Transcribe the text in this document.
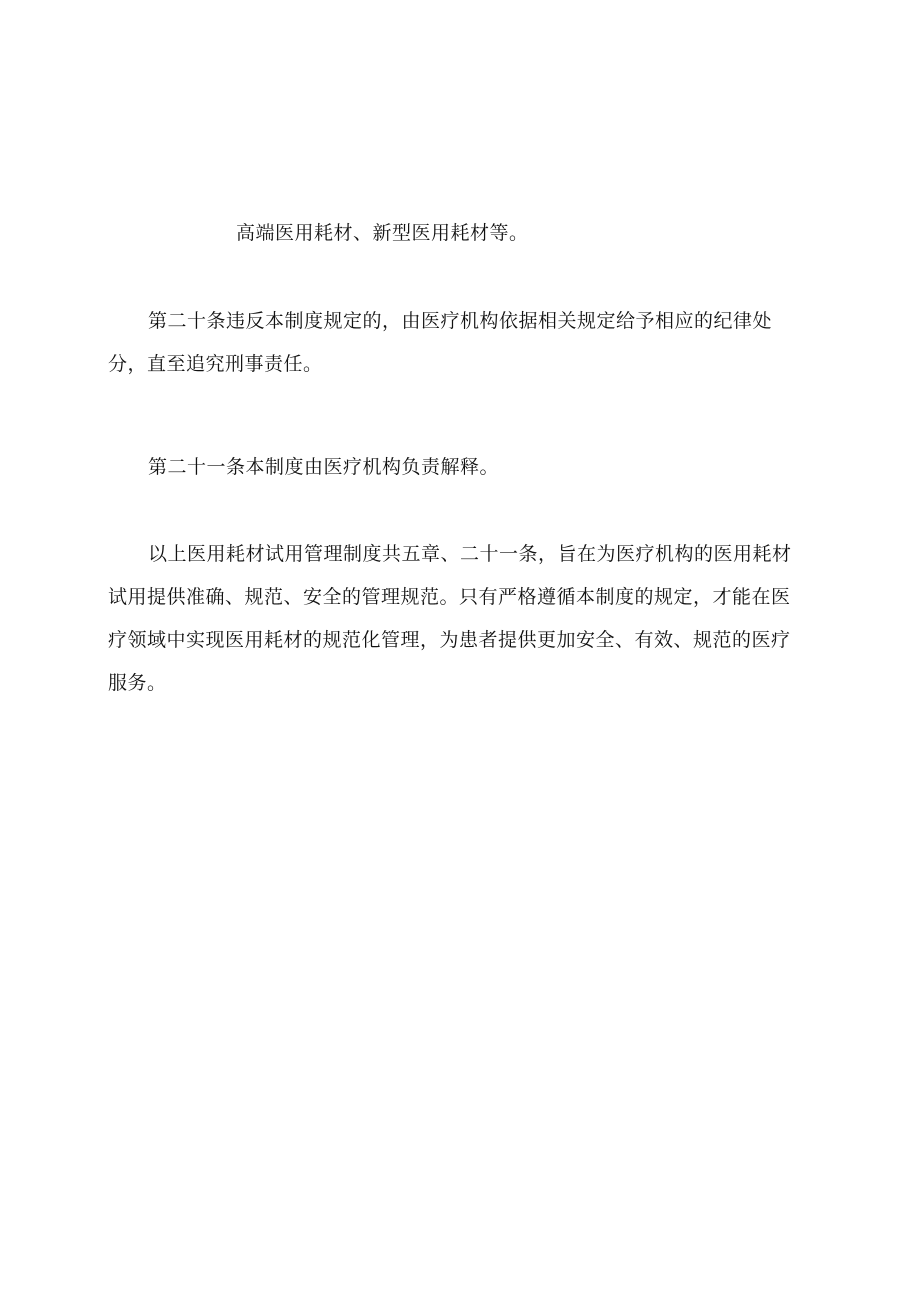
高端医用耗材、新型医用耗材等。
第二十条违反本制度规定的，由医疗机构依据相关规定给予相应的纪律处
分，直至追究刑事责任。
第二十一条本制度由医疗机构负责解释。
以上医用耗材试用管理制度共五章、二十一条，旨在为医疗机构的医用耗材
试用提供准确、规范、安全的管理规范。只有严格遵循本制度的规定，才能在医
疗领域中实现医用耗材的规范化管理，为患者提供更加安全、有效、规范的医疗
服务。
